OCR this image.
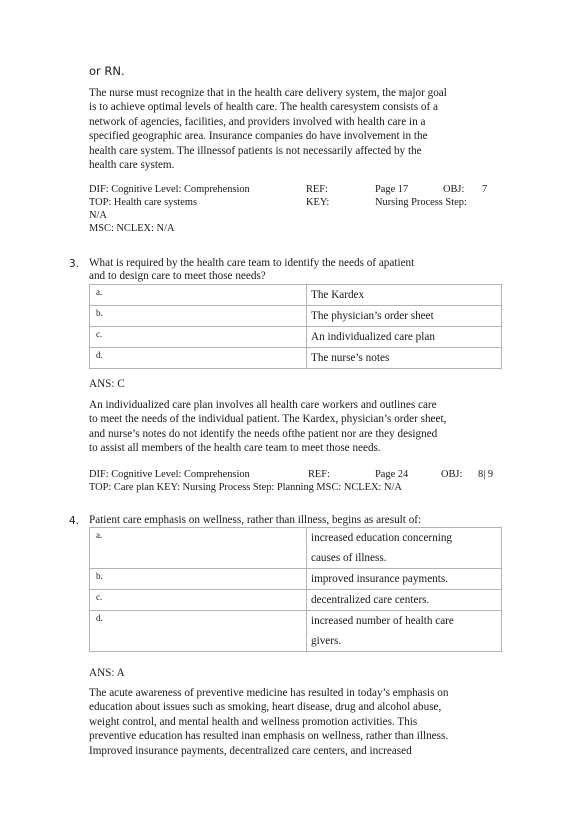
or RN.
The nurse must recognize that in the health care delivery system, the major goal
is to achieve optimal levels of health care. The health caresystem consists of a
network of agencies, facilities, and providers involved with health care in a
specified geographic area. Insurance companies do have involvement in the
health care system. The illnessof patients is not necessarily affected by the
health care system.
DIF: Cognitive Level: Comprehension	REF:	Page 17	OBJ: 7
TOP: Health care systems	KEY:	Nursing Process Step:
N/A
MSC: NCLEX: N/A
3. What is required by the health care team to identify the needs of apatient
and to design care to meet those needs?
a.	The Kardex
b.	The physician’s order sheet
c.	An individualized care plan
d.	The nurse’s notes
ANS: C
An individualized care plan involves all health care workers and outlines care
to meet the needs of the individual patient. The Kardex, physician’s order sheet,
and nurse’s notes do not identify the needs ofthe patient nor are they designed
to assist all members of the health care team to meet those needs.
DIF: Cognitive Level: Comprehension	REF:	Page 24	OBJ: 8| 9
TOP: Care plan KEY: Nursing Process Step: Planning MSC: NCLEX: N/A
4. Patient care emphasis on wellness, rather than illness, begins as aresult of:
a.	increased education concerning
causes of illness.

b.	improved insurance payments.

c.	decentralized care centers.

d.	increased number of health care
givers.
ANS: A
The acute awareness of preventive medicine has resulted in today’s emphasis on
education about issues such as smoking, heart disease, drug and alcohol abuse,
weight control, and mental health and wellness promotion activities. This
preventive education has resulted inan emphasis on wellness, rather than illness.
Improved insurance payments, decentralized care centers, and increased
